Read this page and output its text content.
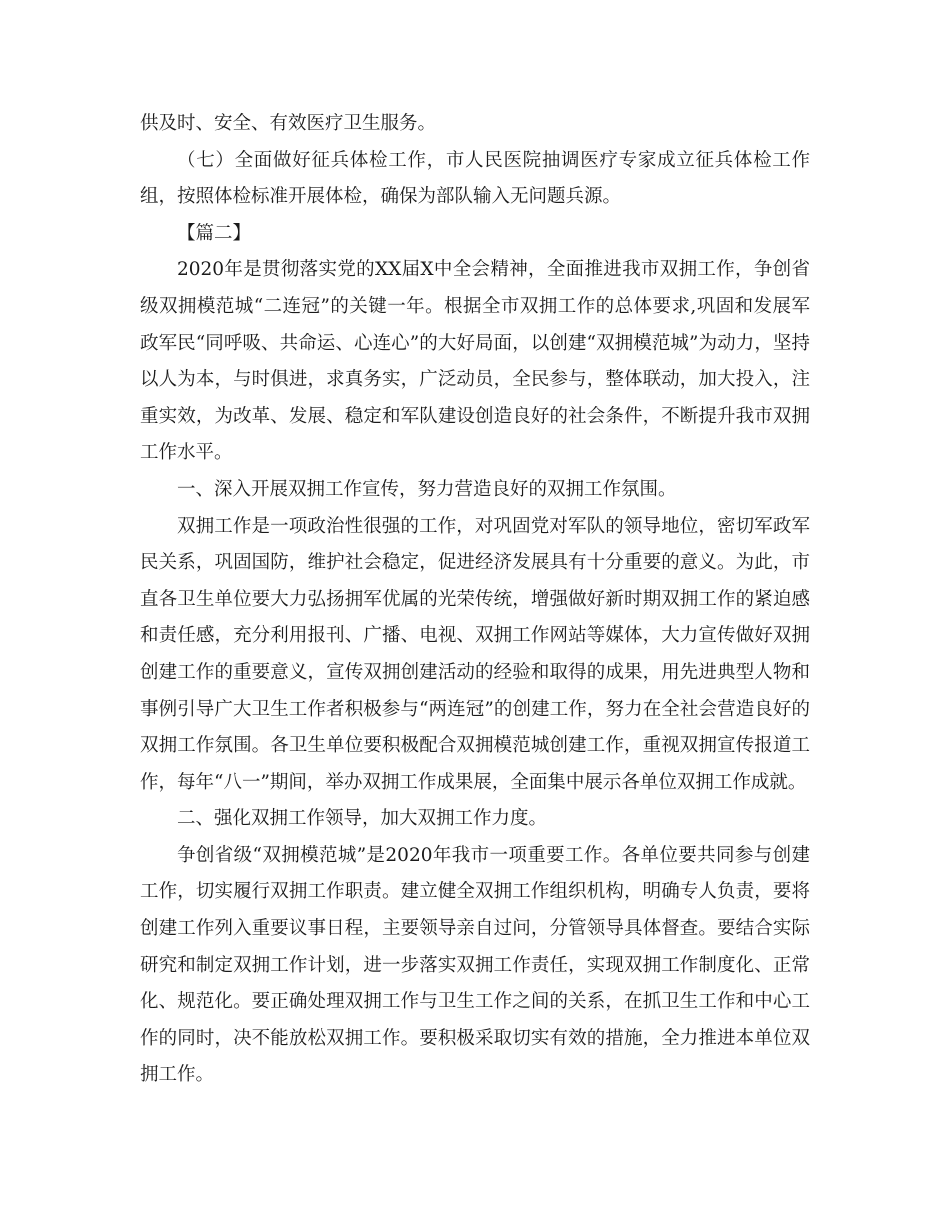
供及时、安全、有效医疗卫生服务。

（七）全面做好征兵体检工作，市人民医院抽调医疗专家成立征兵体检工作组，按照体检标准开展体检，确保为部队输入无问题兵源。

【篇二】

2020年是贯彻落实党的XX届X中全会精神，全面推进我市双拥工作，争创省级双拥模范城“二连冠”的关键一年。根据全市双拥工作的总体要求,巩固和发展军政军民“同呼吸、共命运、心连心”的大好局面，以创建“双拥模范城”为动力，坚持以人为本，与时俱进，求真务实，广泛动员，全民参与，整体联动，加大投入，注重实效，为改革、发展、稳定和军队建设创造良好的社会条件，不断提升我市双拥工作水平。

一、深入开展双拥工作宣传，努力营造良好的双拥工作氛围。

双拥工作是一项政治性很强的工作，对巩固党对军队的领导地位，密切军政军民关系，巩固国防，维护社会稳定，促进经济发展具有十分重要的意义。为此，市直各卫生单位要大力弘扬拥军优属的光荣传统，增强做好新时期双拥工作的紧迫感和责任感，充分利用报刊、广播、电视、双拥工作网站等媒体，大力宣传做好双拥创建工作的重要意义，宣传双拥创建活动的经验和取得的成果，用先进典型人物和事例引导广大卫生工作者积极参与“两连冠”的创建工作，努力在全社会营造良好的双拥工作氛围。各卫生单位要积极配合双拥模范城创建工作，重视双拥宣传报道工作，每年“八一”期间，举办双拥工作成果展，全面集中展示各单位双拥工作成就。

二、强化双拥工作领导，加大双拥工作力度。

争创省级“双拥模范城”是2020年我市一项重要工作。各单位要共同参与创建工作，切实履行双拥工作职责。建立健全双拥工作组织机构，明确专人负责，要将创建工作列入重要议事日程，主要领导亲自过问，分管领导具体督查。要结合实际研究和制定双拥工作计划，进一步落实双拥工作责任，实现双拥工作制度化、正常化、规范化。要正确处理双拥工作与卫生工作之间的关系，在抓卫生工作和中心工作的同时，决不能放松双拥工作。要积极采取切实有效的措施，全力推进本单位双拥工作。
